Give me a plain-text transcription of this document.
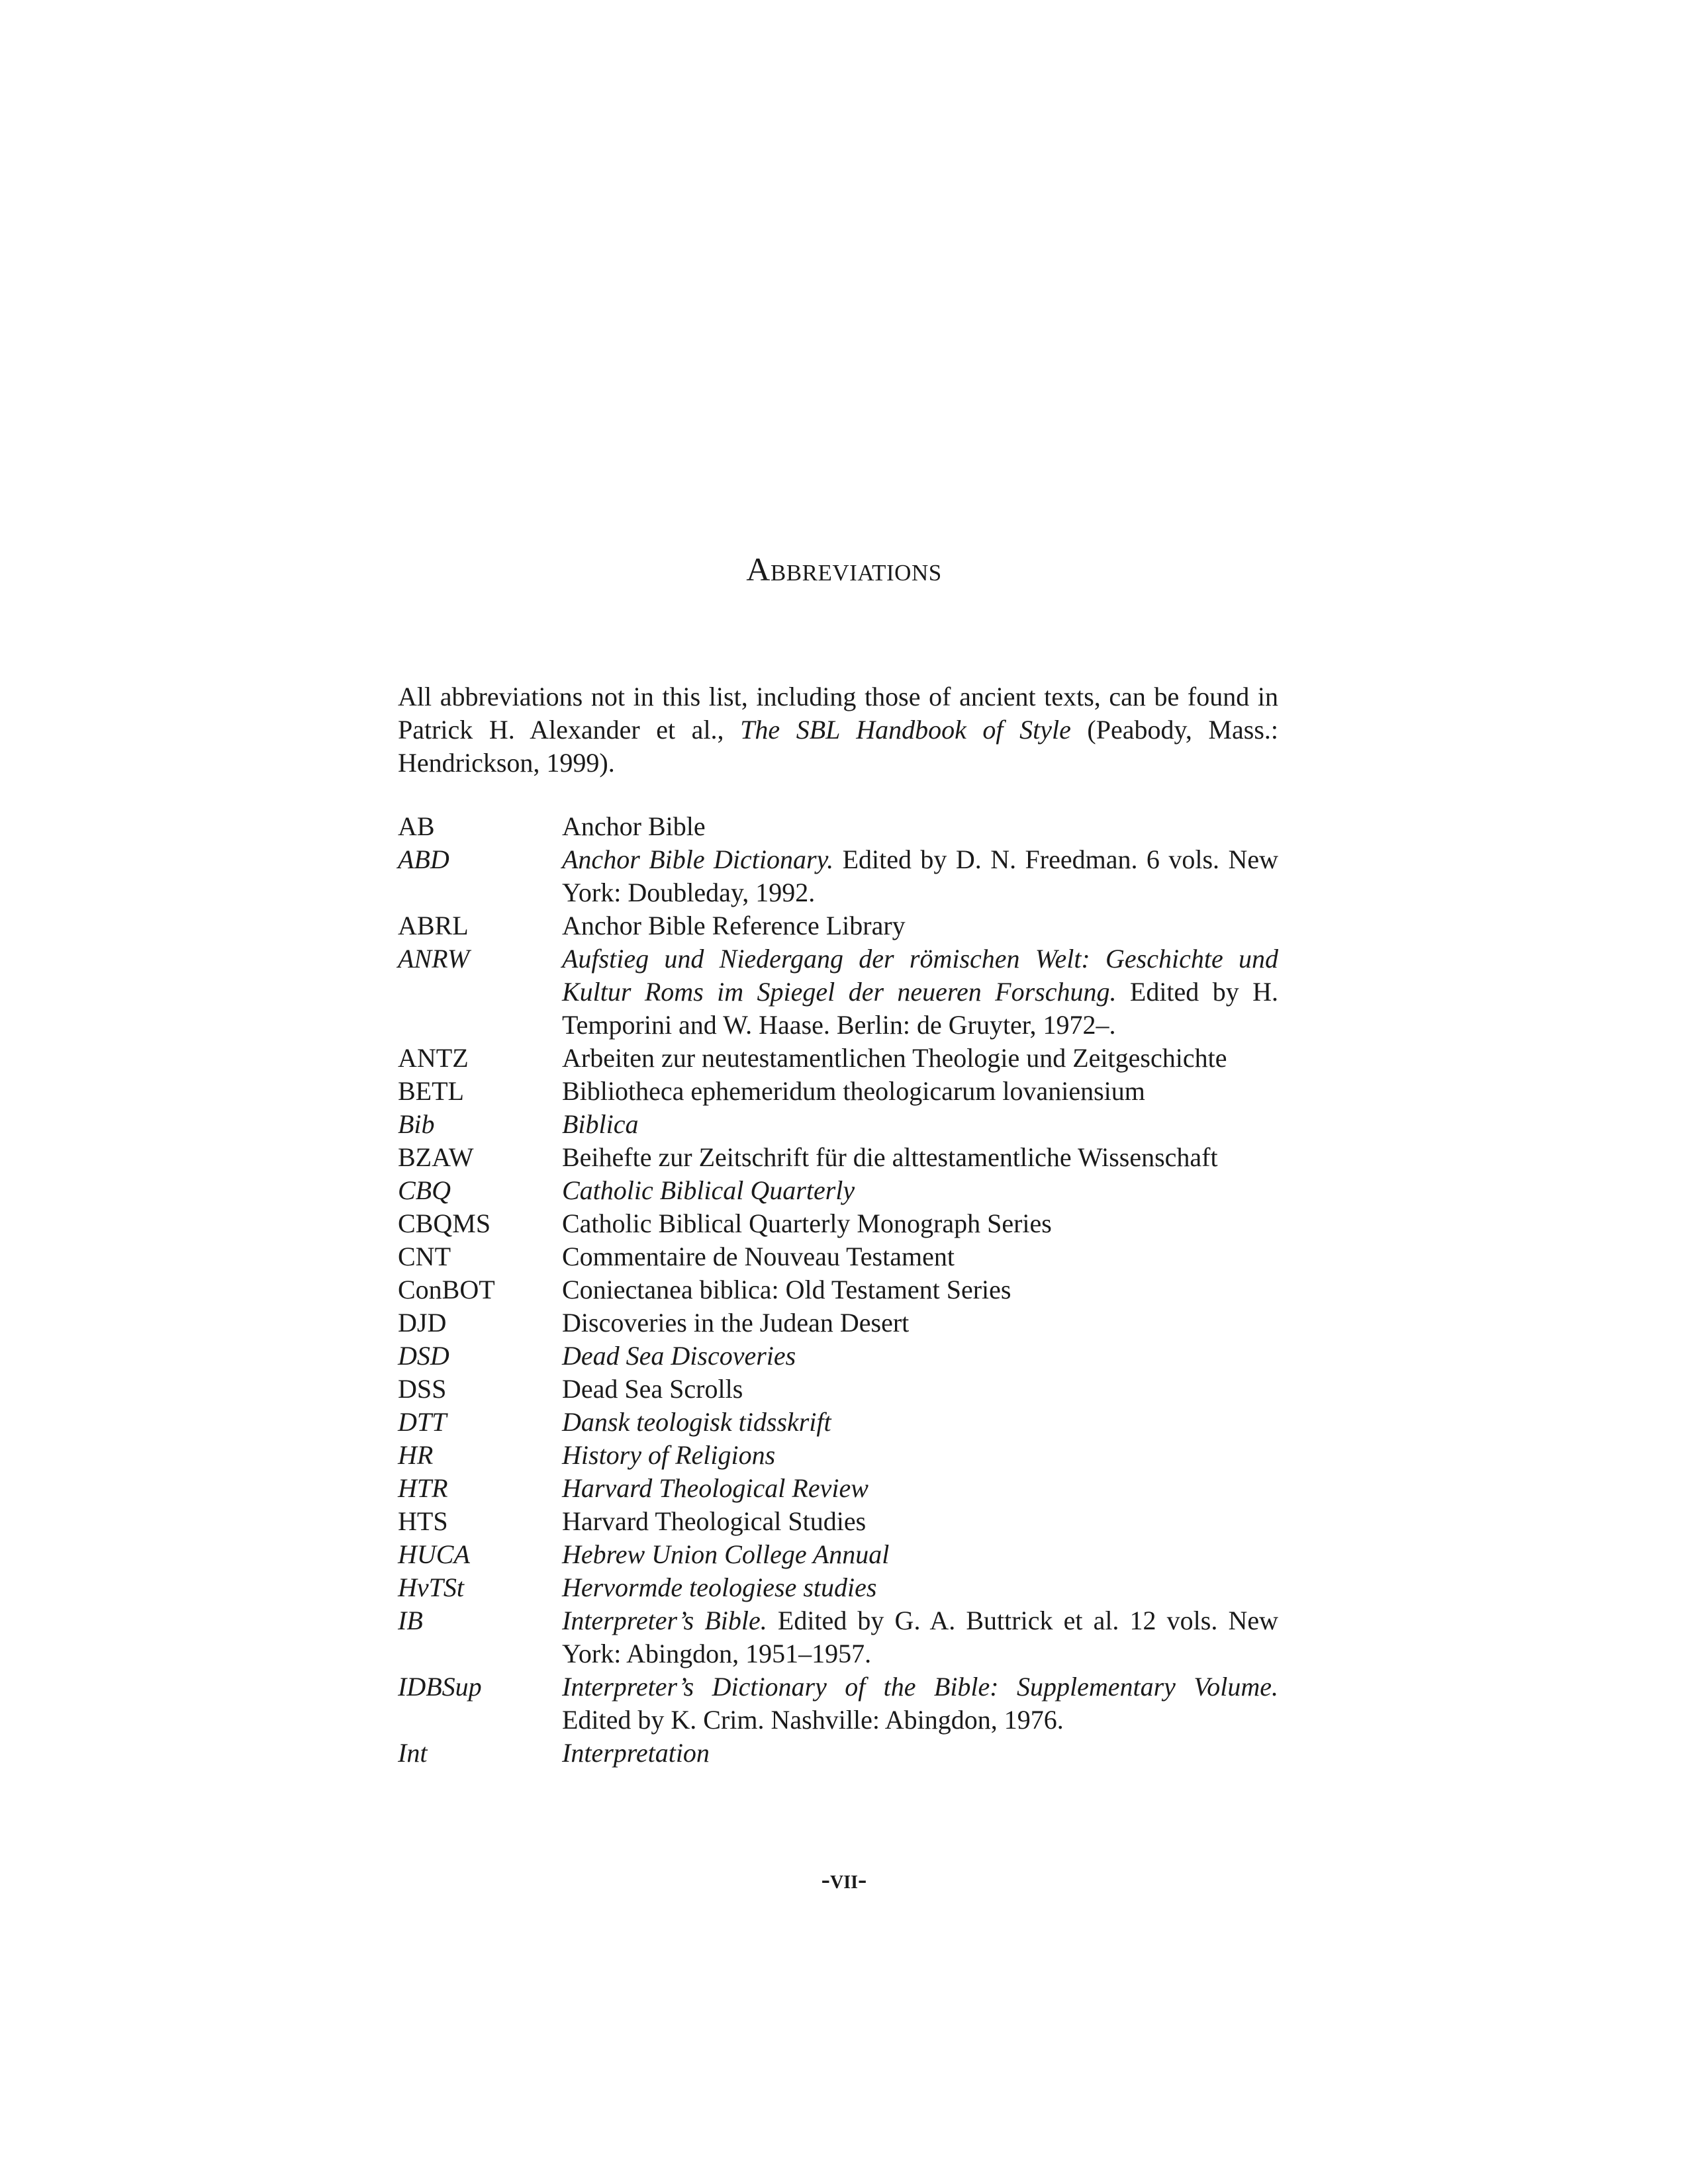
Abbreviations
All abbreviations not in this list, including those of ancient texts, can be found in Patrick H. Alexander et al., The SBL Handbook of Style (Peabody, Mass.: Hendrickson, 1999).
AB	Anchor Bible
ABD	Anchor Bible Dictionary. Edited by D. N. Freedman. 6 vols. New York: Doubleday, 1992.
ABRL	Anchor Bible Reference Library
ANRW	Aufstieg und Niedergang der römischen Welt: Geschichte und Kultur Roms im Spiegel der neueren Forschung. Edited by H. Temporini and W. Haase. Berlin: de Gruyter, 1972–.
ANTZ	Arbeiten zur neutestamentlichen Theologie und Zeitgeschichte
BETL	Bibliotheca ephemeridum theologicarum lovaniensium
Bib	Biblica
BZAW	Beihefte zur Zeitschrift für die alttestamentliche Wissenschaft
CBQ	Catholic Biblical Quarterly
CBQMS	Catholic Biblical Quarterly Monograph Series
CNT	Commentaire de Nouveau Testament
ConBOT	Coniectanea biblica: Old Testament Series
DJD	Discoveries in the Judean Desert
DSD	Dead Sea Discoveries
DSS	Dead Sea Scrolls
DTT	Dansk teologisk tidsskrift
HR	History of Religions
HTR	Harvard Theological Review
HTS	Harvard Theological Studies
HUCA	Hebrew Union College Annual
HvTSt	Hervormde teologiese studies
IB	Interpreter’s Bible. Edited by G. A. Buttrick et al. 12 vols. New York: Abingdon, 1951–1957.
IDBSup	Interpreter’s Dictionary of the Bible: Supplementary Volume. Edited by K. Crim. Nashville: Abingdon, 1976.
Int	Interpretation
-vii-
